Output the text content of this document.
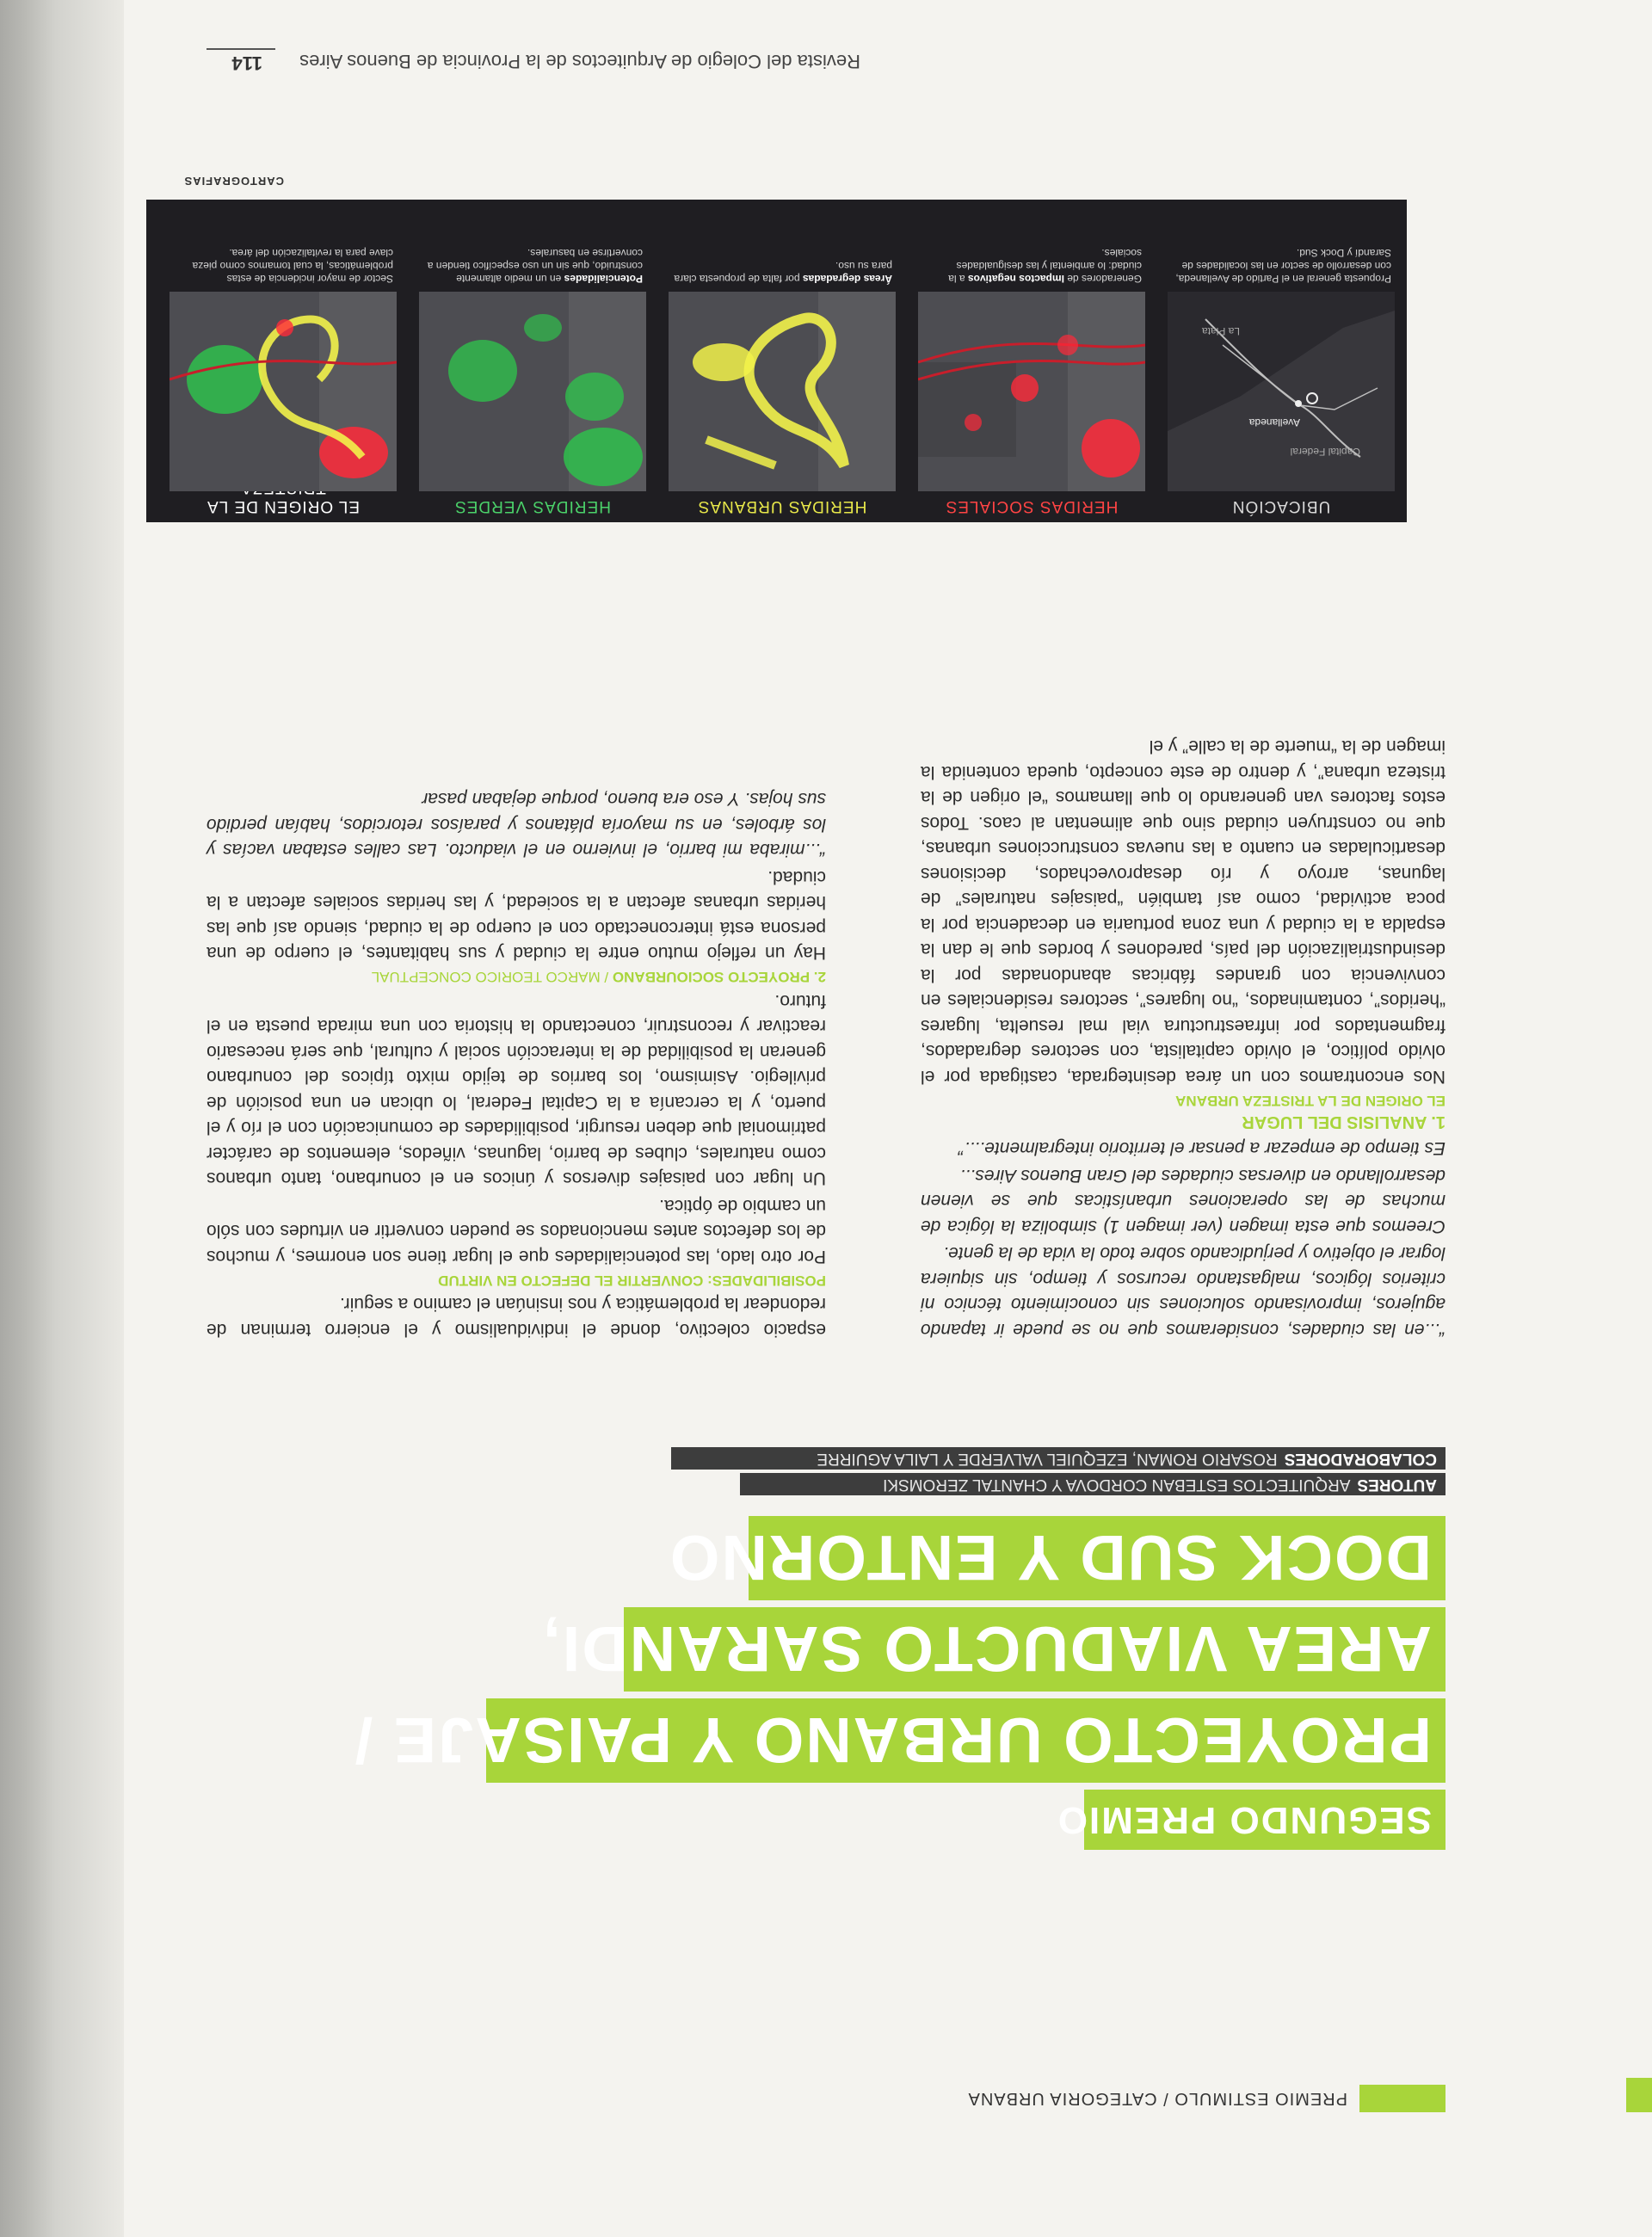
PREMIO ESTIMULO / CATEGORIA URBANA
SEGUNDO PREMIO
PROYECTO URBANO Y PAISAJE /
AREA VIADUCTO SARANDI,
DOCK SUD Y ENTORNO
AUTORES
ARQUITECTOS ESTEBAN CORDOVA Y CHANTAL ZEROMSKI
COLABORADORES
ROSARIO ROMAN, EZEQUIEL VALVERDE Y LAILA AGUIRRE

“...en las ciudades, consideramos que no se puede ir tapando agujeros, improvisando soluciones sin conocimiento técnico ni criterios lógicos, malgastando recursos y tiempo, sin siquiera lograr el objetivo y perjudicando sobre todo la vida de la gente.

Creemos que esta imagen (ver imagen 1) simboliza la lógica de muchas de las operaciones urbanísticas que se vienen desarrollando en diversas ciudades del Gran Buenos Aires...

Es tiempo de empezar a pensar el territorio integralmente....”

1. ANALISIS DEL LUGAR
EL ORIGEN DE LA TRISTEZA URBANA

Nos encontramos con un área desintegrada, castigada por el olvido político, el olvido capitalista, con sectores degradados, fragmentados por infraestructura vial mal resuelta, lugares “heridos”, contaminados, “no lugares”, sectores residenciales en convivencia con grandes fábricas abandonadas por la desindustrialización del país, paredones y bordes que le dan la espalda a la ciudad y una zona portuaria en decadencia por la poca actividad, como así también “paisajes naturales” de lagunas, arroyo y río desaprovechados, decisiones desarticuladas en cuanto a las nuevas construcciones urbanas, que no construyen ciudad sino que alimentan al caos. Todos estos factores van generando lo que llamamos “el origen de la tristeza urbana”, y dentro de este concepto, queda contenida la imagen de la “muerte de la calle” y el

espacio colectivo, donde el individualismo y el encierro terminan de redondear la problemática y nos insinúan el camino a seguir.

POSIBILIDADES: CONVERTIR EL DEFECTO EN VIRTUD

Por otro lado, las potencialidades que el lugar tiene son enormes, y muchos de los defectos antes mencionados se pueden convertir en virtudes con sólo un cambio de óptica.

Un lugar con paisajes diversos y únicos en el conurbano, tanto urbanos como naturales, clubes de barrio, lagunas, viñedos, elementos de carácter patrimonial que deben resurgir, posibilidades de comunicación con el río y el puerto, y la cercanía a la Capital Federal, lo ubican en una posición de privilegio. Asimismo, los barrios de tejido mixto típicos del conurbano generan la posibilidad de la interacción social y cultural, que será necesario reactivar y reconstruir, conectando la historia con una mirada puesta en el futuro.

2. PROYECTO SOCIOURBANO / MARCO TEORICO CONCEPTUAL

Hay un reflejo mutuo entre la ciudad y sus habitantes, el cuerpo de una persona está interconectado con el cuerpo de la ciudad, siendo así que las heridas urbanas afectan a la sociedad, y las heridas sociales afectan a la ciudad.

“...miraba mi barrio, el invierno en el viaducto. Las calles estaban vacías y los árboles, en su mayoría plátanos y paraísos retorcidos, habían perdido sus hojas. Y eso era bueno, porque dejaban pasar

UBICACIÓN
Capital Federal
Avellaneda
La Plata
Propuesta general en el Partido de Avellaneda, con desarrollo de sector en las localidades de Sarandí y Dock Sud.
HERIDAS SOCIALES
Generadores de Impactos negativos a la ciudad: lo ambiental y las desigualdades sociales.
HERIDAS URBANAS
Áreas degradadas por falta de propuesta clara para su uso.
HERIDAS VERDES
Potencialidades en un medio altamente construido, que sin un uso específico tienden a convertirse en basurales.
EL ORIGEN DE LA
Sector de mayor incidencia de estas problemáticas, la cual tomamos como pieza clave para la revitalización del área.
CARTOGRAFIAS
Revista del Colegio de Arquitectos de la Provincia de Buenos Aires
114
